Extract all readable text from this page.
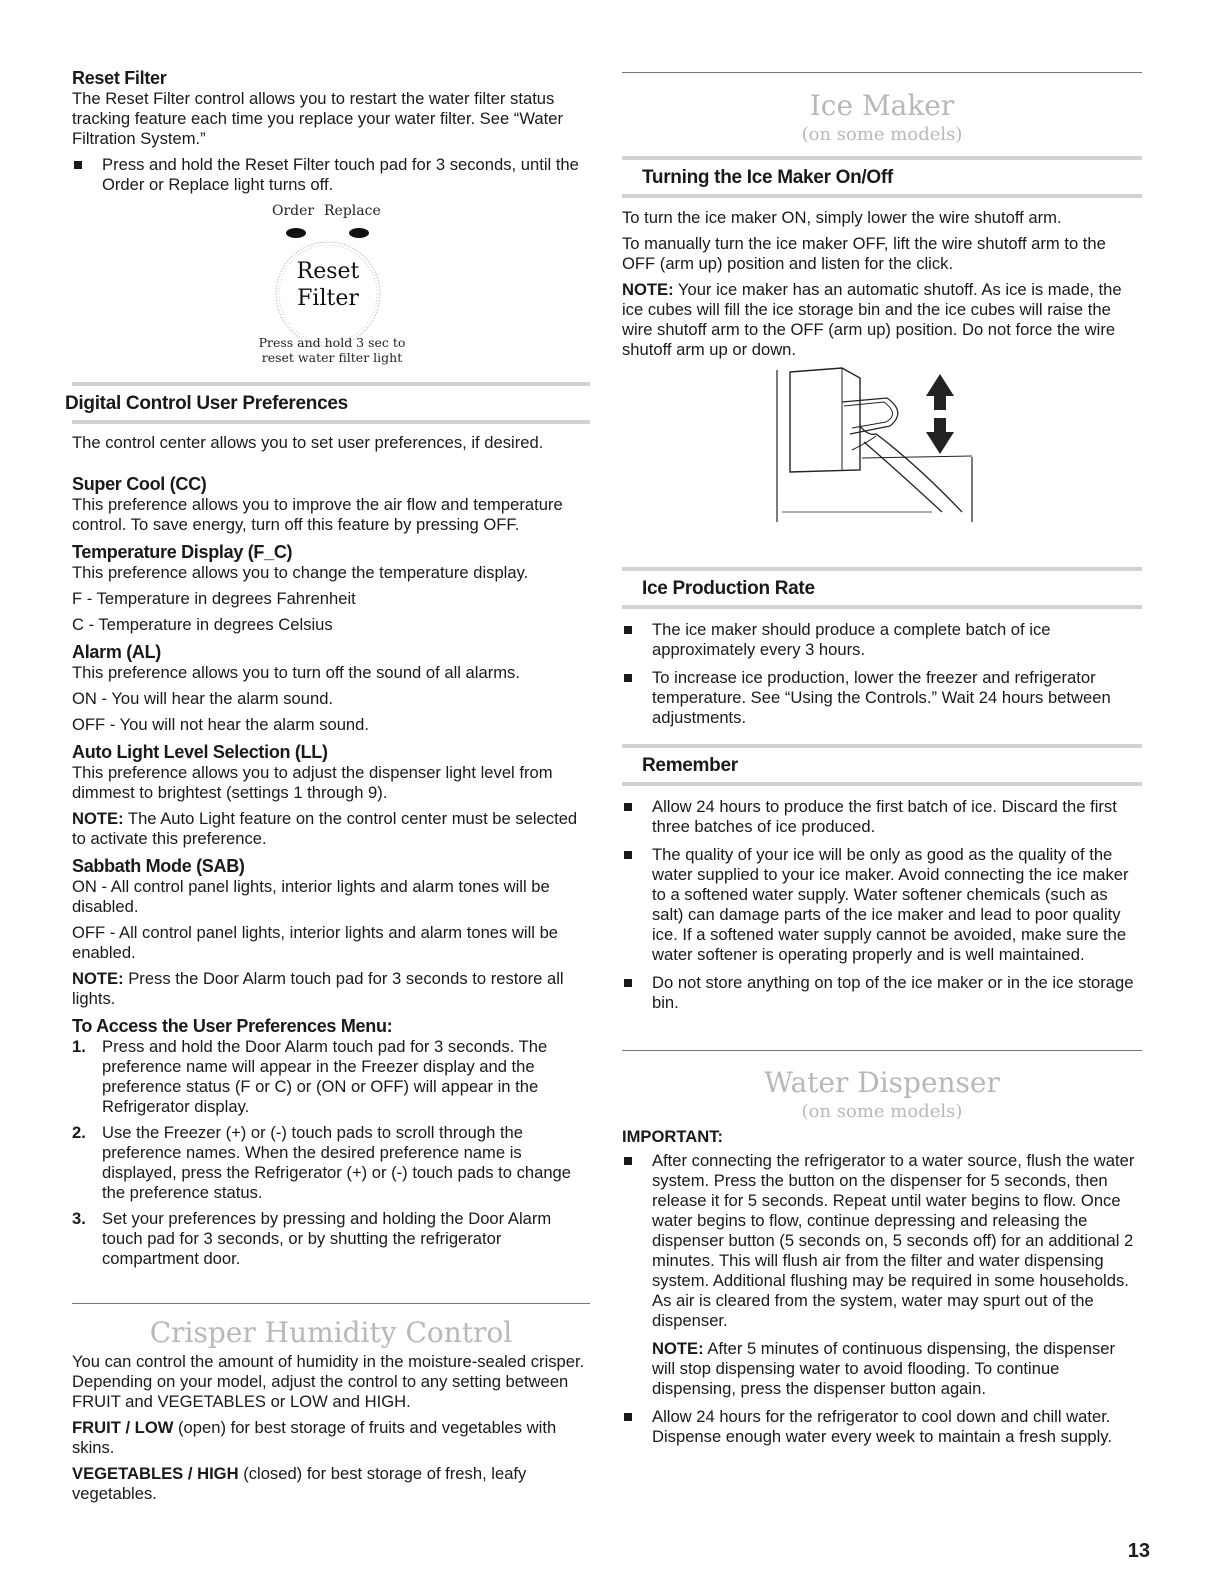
Reset Filter

The Reset Filter control allows you to restart the water filter status tracking feature each time you replace your water filter. See “Water Filtration System.”

Press and hold the Reset Filter touch pad for 3 seconds, until the Order or Replace light turns off.

Order Replace
Reset
Filter
Press and hold 3 sec to
reset water filter light
Digital Control User Preferences

The control center allows you to set user preferences, if desired.

Super Cool (CC)

This preference allows you to improve the air flow and temperature control. To save energy, turn off this feature by pressing OFF.

Temperature Display (F_C)

This preference allows you to change the temperature display.

F - Temperature in degrees Fahrenheit

C - Temperature in degrees Celsius

Alarm (AL)

This preference allows you to turn off the sound of all alarms.

ON - You will hear the alarm sound.

OFF - You will not hear the alarm sound.

Auto Light Level Selection (LL)

This preference allows you to adjust the dispenser light level from dimmest to brightest (settings 1 through 9).

NOTE: The Auto Light feature on the control center must be selected to activate this preference.

Sabbath Mode (SAB)

ON - All control panel lights, interior lights and alarm tones will be disabled.

OFF - All control panel lights, interior lights and alarm tones will be enabled.

NOTE: Press the Door Alarm touch pad for 3 seconds to restore all lights.

To Access the User Preferences Menu:

1. Press and hold the Door Alarm touch pad for 3 seconds. The preference name will appear in the Freezer display and the preference status (F or C) or (ON or OFF) will appear in the Refrigerator display.

2. Use the Freezer (+) or (-) touch pads to scroll through the preference names. When the desired preference name is displayed, press the Refrigerator (+) or (-) touch pads to change the preference status.

3. Set your preferences by pressing and holding the Door Alarm touch pad for 3 seconds, or by shutting the refrigerator compartment door.

Crisper Humidity Control

You can control the amount of humidity in the moisture-sealed crisper. Depending on your model, adjust the control to any setting between FRUIT and VEGETABLES or LOW and HIGH.

FRUIT / LOW (open) for best storage of fruits and vegetables with skins.

VEGETABLES / HIGH (closed) for best storage of fresh, leafy vegetables.

Ice Maker
(on some models)
Turning the Ice Maker On/Off

To turn the ice maker ON, simply lower the wire shutoff arm.

To manually turn the ice maker OFF, lift the wire shutoff arm to the OFF (arm up) position and listen for the click.

NOTE: Your ice maker has an automatic shutoff. As ice is made, the ice cubes will fill the ice storage bin and the ice cubes will raise the wire shutoff arm to the OFF (arm up) position. Do not force the wire shutoff arm up or down.

Ice Production Rate

The ice maker should produce a complete batch of ice approximately every 3 hours.

To increase ice production, lower the freezer and refrigerator temperature. See “Using the Controls.” Wait 24 hours between adjustments.

Remember

Allow 24 hours to produce the first batch of ice. Discard the first three batches of ice produced.

The quality of your ice will be only as good as the quality of the water supplied to your ice maker. Avoid connecting the ice maker to a softened water supply. Water softener chemicals (such as salt) can damage parts of the ice maker and lead to poor quality ice. If a softened water supply cannot be avoided, make sure the water softener is operating properly and is well maintained.

Do not store anything on top of the ice maker or in the ice storage bin.

Water Dispenser
(on some models)

IMPORTANT:

After connecting the refrigerator to a water source, flush the water system. Press the button on the dispenser for 5 seconds, then release it for 5 seconds. Repeat until water begins to flow. Once water begins to flow, continue depressing and releasing the dispenser button (5 seconds on, 5 seconds off) for an additional 2 minutes. This will flush air from the filter and water dispensing system. Additional flushing may be required in some households. As air is cleared from the system, water may spurt out of the dispenser.

NOTE: After 5 minutes of continuous dispensing, the dispenser will stop dispensing water to avoid flooding. To continue dispensing, press the dispenser button again.

Allow 24 hours for the refrigerator to cool down and chill water. Dispense enough water every week to maintain a fresh supply.

13
